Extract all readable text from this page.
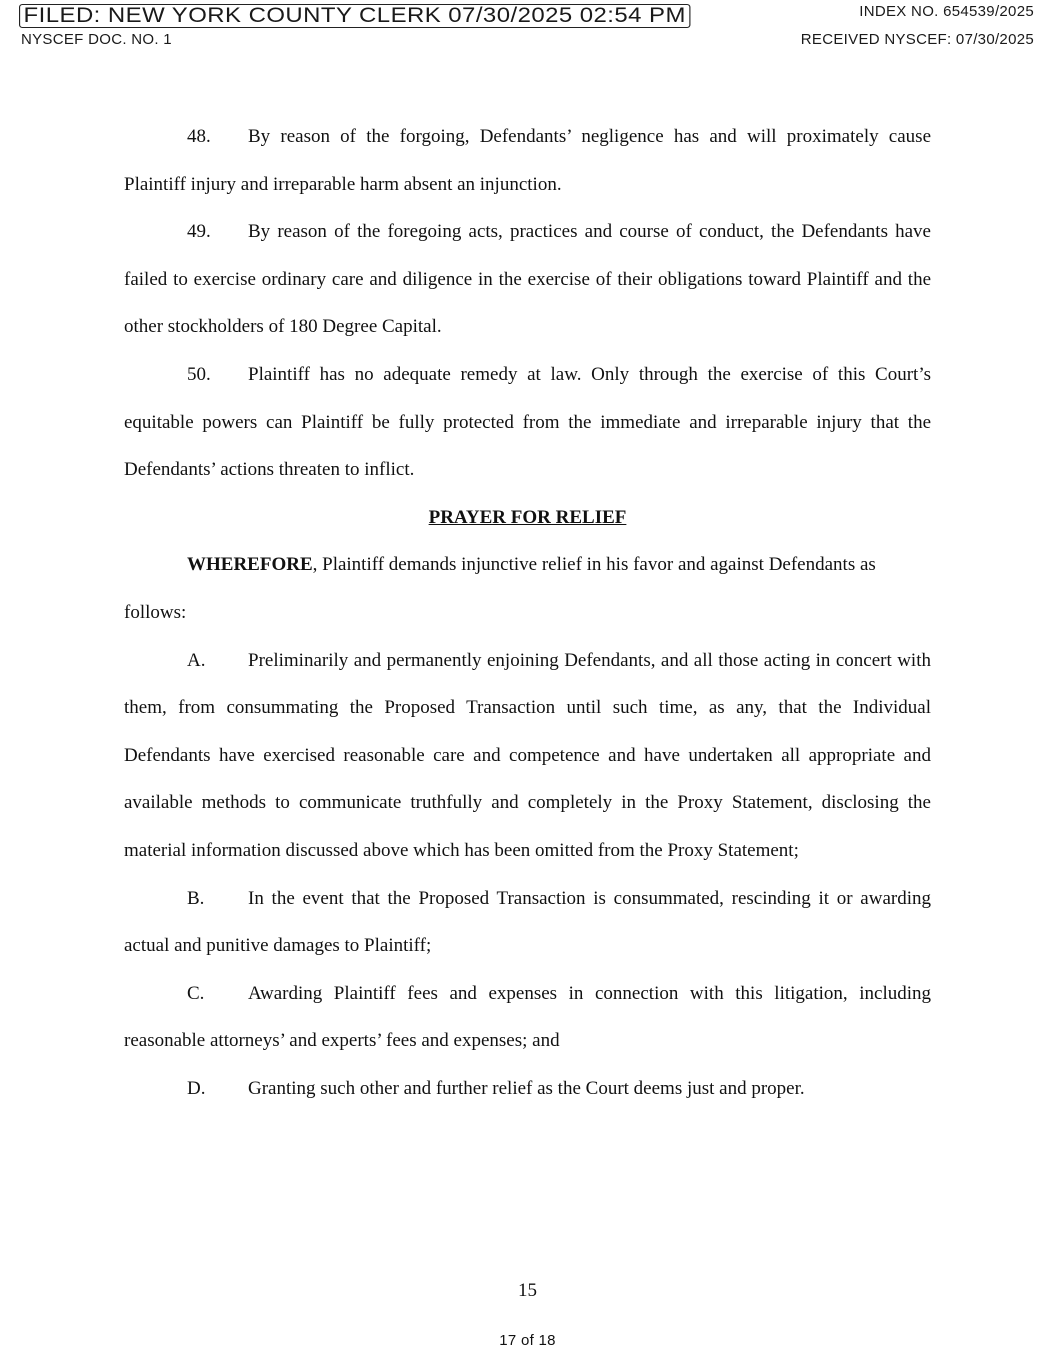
FILED: NEW YORK COUNTY CLERK 07/30/2025 02:54 PM	INDEX NO. 654539/2025
NYSCEF DOC. NO. 1	RECEIVED NYSCEF: 07/30/2025

48. By reason of the forgoing, Defendants’ negligence has and will proximately cause Plaintiff injury and irreparable harm absent an injunction.

49. By reason of the foregoing acts, practices and course of conduct, the Defendants have failed to exercise ordinary care and diligence in the exercise of their obligations toward Plaintiff and the other stockholders of 180 Degree Capital.

50. Plaintiff has no adequate remedy at law. Only through the exercise of this Court’s equitable powers can Plaintiff be fully protected from the immediate and irreparable injury that the Defendants’ actions threaten to inflict.

PRAYER FOR RELIEF

WHEREFORE, Plaintiff demands injunctive relief in his favor and against Defendants as follows:

A. Preliminarily and permanently enjoining Defendants, and all those acting in concert with them, from consummating the Proposed Transaction until such time, as any, that the Individual Defendants have exercised reasonable care and competence and have undertaken all appropriate and available methods to communicate truthfully and completely in the Proxy Statement, disclosing the material information discussed above which has been omitted from the Proxy Statement;

B. In the event that the Proposed Transaction is consummated, rescinding it or awarding actual and punitive damages to Plaintiff;

C. Awarding Plaintiff fees and expenses in connection with this litigation, including reasonable attorneys’ and experts’ fees and expenses; and

D. Granting such other and further relief as the Court deems just and proper.

15
17 of 18
